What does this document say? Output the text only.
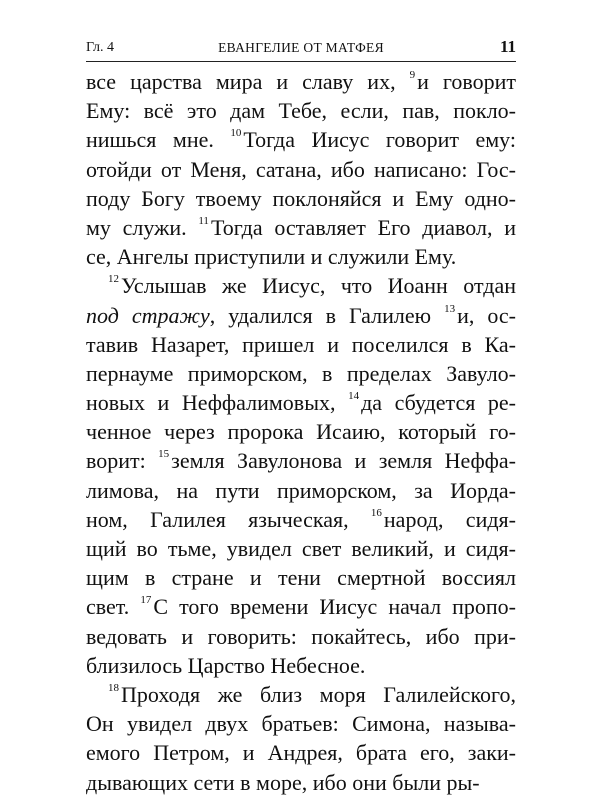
Гл. 4	ЕВАНГЕЛИЕ ОТ МАТФЕЯ	11
все царства мира и славу их, $^9$и говорит
Ему: всё это дам Тебе, если, пав, покло-
нишься мне. $^{10}$Тогда Иисус говорит ему:
отойди от Меня, сатана, ибо написано: Гос-
поду Богу твоему поклоняйся и Ему одно-
му служи. $^{11}$Тогда оставляет Его диавол, и
се, Ангелы приступили и служили Ему.
$^{12}$Услышав же Иисус, что Иоанн отдан
под стражу, удалился в Галилею $^{13}$и, ос-
тавив Назарет, пришел и поселился в Ка-
пернауме приморском, в пределах Завуло-
новых и Неффалимовых, $^{14}$да сбудется ре-
ченное через пророка Исаию, который го-
ворит: $^{15}$земля Завулонова и земля Неффа-
лимова, на пути приморском, за Иорда-
ном, Галилея языческая, $^{16}$народ, сидя-
щий во тьме, увидел свет великий, и сидя-
щим в стране и тени смертной воссиял
свет. $^{17}$С того времени Иисус начал пропо-
ведовать и говорить: покайтесь, ибо при-
близилось Царство Небесное.
$^{18}$Проходя же близ моря Галилейского,
Он увидел двух братьев: Симона, называ-
емого Петром, и Андрея, брата его, заки-
дывающих сети в море, ибо они были ры-
